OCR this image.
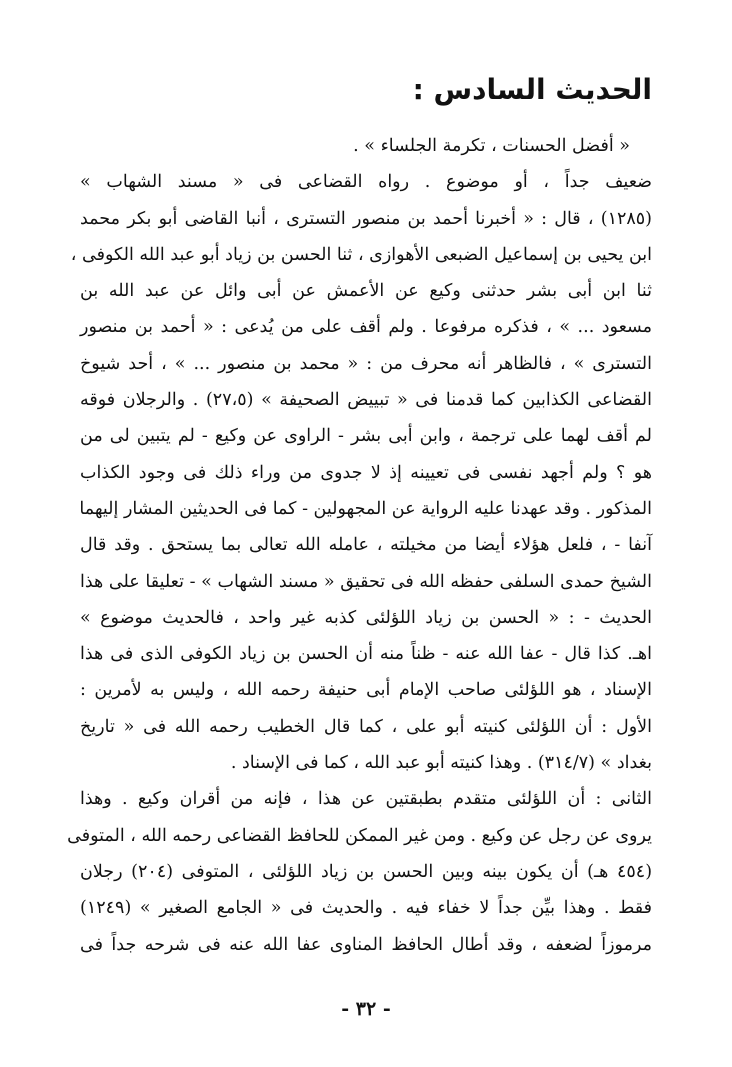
الحديث السادس :
« أفضل الحسنات ، تكرمة الجلساء » .
ضعيف جداً ، أو موضوع . رواه القضاعى فى « مسند الشهاب »
(١٢٨٥) ، قال : « أخبرنا أحمد بن منصور التسترى ، أنبا القاضى أبو بكر محمد
ابن يحيى بن إسماعيل الضبعى الأهوازى ، ثنا الحسن بن زياد أبو عبد الله الكوفى ،
ثنا ابن أبى بشر حدثنى وكيع عن الأعمش عن أبى وائل عن عبد الله بن
مسعود ... » ، فذكره مرفوعا . ولم أقف على من يُدعى : « أحمد بن منصور
التسترى » ، فالظاهر أنه محرف من : « محمد بن منصور ... » ، أحد شيوخ
القضاعى الكذابين كما قدمنا فى « تبييض الصحيفة » (٢٧،٥) . والرجلان فوقه
لم أقف لهما على ترجمة ، وابن أبى بشر - الراوى عن وكيع - لم يتبين لى من
هو ؟ ولم أجهد نفسى فى تعيينه إذ لا جدوى من وراء ذلك فى وجود الكذاب
المذكور . وقد عهدنا عليه الرواية عن المجهولين - كما فى الحديثين المشار إليهما
آنفا - ، فلعل هؤلاء أيضا من مخيلته ، عامله الله تعالى بما يستحق . وقد قال
الشيخ حمدى السلفى حفظه الله فى تحقيق « مسند الشهاب » - تعليقا على هذا
الحديث - : « الحسن بن زياد اللؤلئى كذبه غير واحد ، فالحديث موضوع »
اهـ. كذا قال - عفا الله عنه - ظناً منه أن الحسن بن زياد الكوفى الذى فى هذا
الإسناد ، هو اللؤلئى صاحب الإمام أبى حنيفة رحمه الله ، وليس به لأمرين :
الأول : أن اللؤلئى كنيته أبو على ، كما قال الخطيب رحمه الله فى « تاريخ
بغداد » (٣١٤/٧) . وهذا كنيته أبو عبد الله ، كما فى الإسناد .
الثانى : أن اللؤلئى متقدم بطبقتين عن هذا ، فإنه من أقران وكيع . وهذا
يروى عن رجل عن وكيع . ومن غير الممكن للحافظ القضاعى رحمه الله ، المتوفى
(٤٥٤ هـ) أن يكون بينه وبين الحسن بن زياد اللؤلئى ، المتوفى (٢٠٤) رجلان
فقط . وهذا بيِّن جداً لا خفاء فيه . والحديث فى « الجامع الصغير » (١٢٤٩)
مرموزاً لضعفه ، وقد أطال الحافظ المناوى عفا الله عنه فى شرحه جداً فى
- ٣٢ -
